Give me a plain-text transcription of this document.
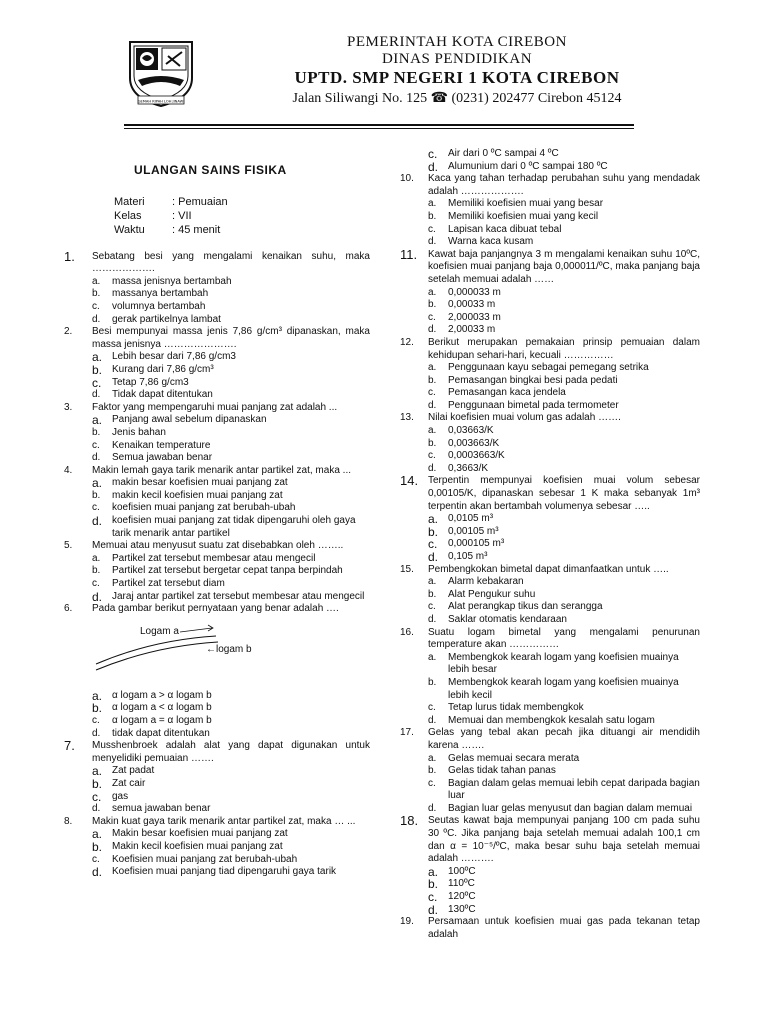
GEMAH RIPAH LOH JINAWI
PEMERINTAH KOTA CIREBON
DINAS PENDIDIKAN
UPTD. SMP NEGERI 1 KOTA CIREBON
Jalan Siliwangi No. 125 ☎ (0231) 202477 Cirebon 45124
ULANGAN SAINS FISIKA
Materi : Pemuaian
Kelas	: VII
Waktu : 45 menit
1.	Sebatang besi yang mengalami kenaikan suhu, maka ……………….
a.	massa jenisnya bertambah
b.	massanya bertambah
c.	volumnya bertambah
d.	gerak partikelnya lambat
2.	Besi mempunyai massa jenis 7,86 g/cm³ dipanaskan, maka massa jenisnya ………………….
a. Lebih besar dari 7,86 g/cm3
b. Kurang dari 7,86 g/cm³
c.	Tetap 7,86 g/cm3
d.	Tidak dapat ditentukan
3.	Faktor yang mempengaruhi muai panjang zat adalah ...
a. Panjang awal sebelum dipanaskan
b.	Jenis bahan
c.	Kenaikan temperature
d.	Semua jawaban benar
4.	Makin lemah gaya tarik menarik antar partikel zat, maka ...
a. makin besar koefisien muai panjang zat
b.	makin kecil koefisien muai panjang zat
c.	koefisien muai panjang zat berubah-ubah
d. koefisien muai panjang zat tidak dipengaruhi oleh gaya tarik menarik antar partikel
5.	Memuai atau menyusut suatu zat disebabkan oleh ……..
a.	Partikel zat tersebut membesar atau mengecil
b.	Partikel zat tersebut bergetar cepat tanpa berpindah
c.	Partikel zat tersebut diam
d. Jaraj antar partikel zat tersebut membesar atau mengecil
6.	Pada gambar berikut pernyataan yang benar adalah ….
Logam a
←logam b
a. α logam a > α logam b
b. α logam a < α logam b
c.	α logam a = α logam b
d.	tidak dapat ditentukan
7.	Musshenbroek adalah alat yang dapat digunakan untuk menyelidiki pemuaian …….
a. Zat padat
b. Zat cair
c.	gas
d.	semua jawaban benar
8.	Makin kuat gaya tarik menarik antar partikel zat, maka … ...
a. Makin besar koefisien muai panjang zat
b. Makin kecil koefisien muai panjang zat
c.	Koefisien muai panjang zat berubah-ubah
d. Koefisien muai panjang tiad dipengaruhi gaya tarik
c.	Air dari 0 ºC sampai 4 ºC
d. Alumunium dari 0 ºC sampai 180 ºC
10.	Kaca yang tahan terhadap perubahan suhu yang mendadak adalah ……………….
a.	Memiliki koefisien muai yang besar
b.	Memiliki koefisien muai yang kecil
c.	Lapisan kaca dibuat tebal
d.	Warna kaca kusam
11.	Kawat baja panjangnya 3 m mengalami kenaikan suhu 10ºC, koefisien muai panjang baja 0,000011/ºC, maka panjang baja setelah memuai adalah ……
a.	0,000033 m
b.	0,00033 m
c.	2,000033 m
d.	2,00033 m
12.	Berikut merupakan pemakaian prinsip pemuaian dalam kehidupan sehari-hari, kecuali ……………
a.	Penggunaan kayu sebagai pemegang setrika
b.	Pemasangan bingkai besi pada pedati
c.	Pemasangan kaca jendela
d.	Penggunaan bimetal pada termometer
13.	Nilai koefisien muai volum gas adalah …….
a.	0,03663/K
b.	0,003663/K
c.	0,0003663/K
d.	0,3663/K
14. Terpentin mempunyai koefisien muai volum sebesar 0,00105/K, dipanaskan sebesar 1 K maka sebanyak 1m³ terpentin akan bertambah volumenya sebesar …..
a. 0,0105 m³
b. 0,00105 m³
c.	0,000105 m³
d. 0,105 m³
15.	Pembengkokan bimetal dapat dimanfaatkan untuk …..
a.	Alarm kebakaran
b.	Alat Pengukur suhu
c.	Alat perangkap tikus dan serangga
d.	Saklar otomatis kendaraan
16.	Suatu logam bimetal yang mengalami penurunan temperature akan ……………
a.	Membengkok kearah logam yang koefisien muainya lebih besar
b.	Membengkok kearah logam yang koefisien muainya lebih kecil
c.	Tetap lurus tidak membengkok
d.	Memuai dan membengkok kesalah satu logam
17.	Gelas yang tebal akan pecah jika dituangi air mendidih karena …….
a.	Gelas memuai secara merata
b.	Gelas tidak tahan panas
c.	Bagian dalam gelas memuai lebih cepat daripada bagian luar
d.	Bagian luar gelas menyusut dan bagian dalam memuai
18. Seutas kawat baja mempunyai panjang 100 cm pada suhu 30 ºC. Jika panjang baja setelah memuai adalah 100,1 cm dan α = 10⁻⁵/ºC, maka besar suhu baja setelah memuai adalah ……….
a. 100ºC
b. 110ºC
c.	120ºC
d. 130ºC
19.	Persamaan untuk koefisien muai gas pada tekanan tetap adalah
